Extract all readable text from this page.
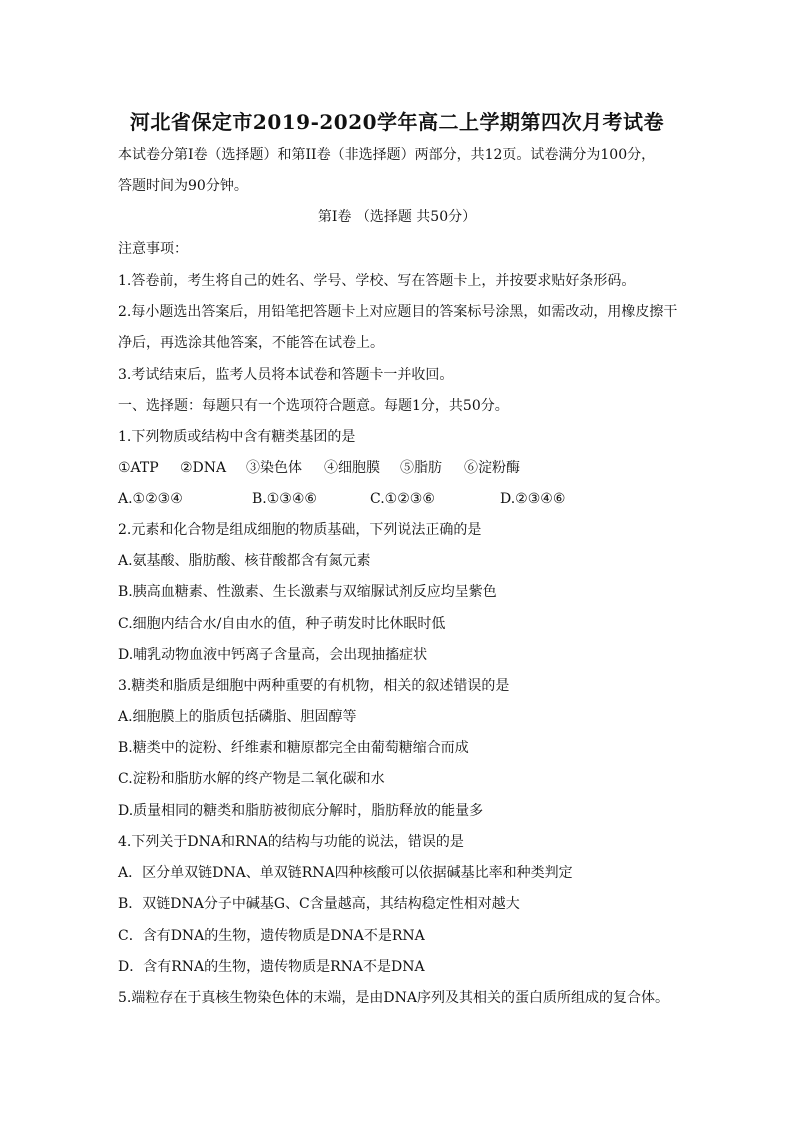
河北省保定市2019-2020学年高二上学期第四次月考试卷
本试卷分第I卷（选择题）和第II卷（非选择题）两部分，共12页。试卷满分为100分，
答题时间为90分钟。
第I卷 （选择题 共50分）
注意事项：
1.答卷前，考生将自己的姓名、学号、学校、写在答题卡上，并按要求贴好条形码。
2.每小题选出答案后，用铅笔把答题卡上对应题目的答案标号涂黑，如需改动，用橡皮擦干
净后，再选涂其他答案，不能答在试卷上。
3.考试结束后，监考人员将本试卷和答题卡一并收回。
一、选择题：每题只有一个选项符合题意。每题1分，共50分。
1.下列物质或结构中含有糖类基团的是
①ATP ②DNA ③染色体 ④细胞膜 ⑤脂肪 ⑥淀粉酶
A.①②③④	B.①③④⑥	C.①②③⑥	D.②③④⑥
2.元素和化合物是组成细胞的物质基础，下列说法正确的是
A.氨基酸、脂肪酸、核苷酸都含有氮元素
B.胰高血糖素、性激素、生长激素与双缩脲试剂反应均呈紫色
C.细胞内结合水/自由水的值，种子萌发时比休眠时低
D.哺乳动物血液中钙离子含量高，会出现抽搐症状
3.糖类和脂质是细胞中两种重要的有机物，相关的叙述错误的是
A.细胞膜上的脂质包括磷脂、胆固醇等
B.糖类中的淀粉、纤维素和糖原都完全由葡萄糖缩合而成
C.淀粉和脂肪水解的终产物是二氧化碳和水
D.质量相同的糖类和脂肪被彻底分解时，脂肪释放的能量多
4.下列关于DNA和RNA的结构与功能的说法，错误的是
A．区分单双链DNA、单双链RNA四种核酸可以依据碱基比率和种类判定
B．双链DNA分子中碱基G、C含量越高，其结构稳定性相对越大
C．含有DNA的生物，遗传物质是DNA不是RNA
D．含有RNA的生物，遗传物质是RNA不是DNA
5.端粒存在于真核生物染色体的末端，是由DNA序列及其相关的蛋白质所组成的复合体。
